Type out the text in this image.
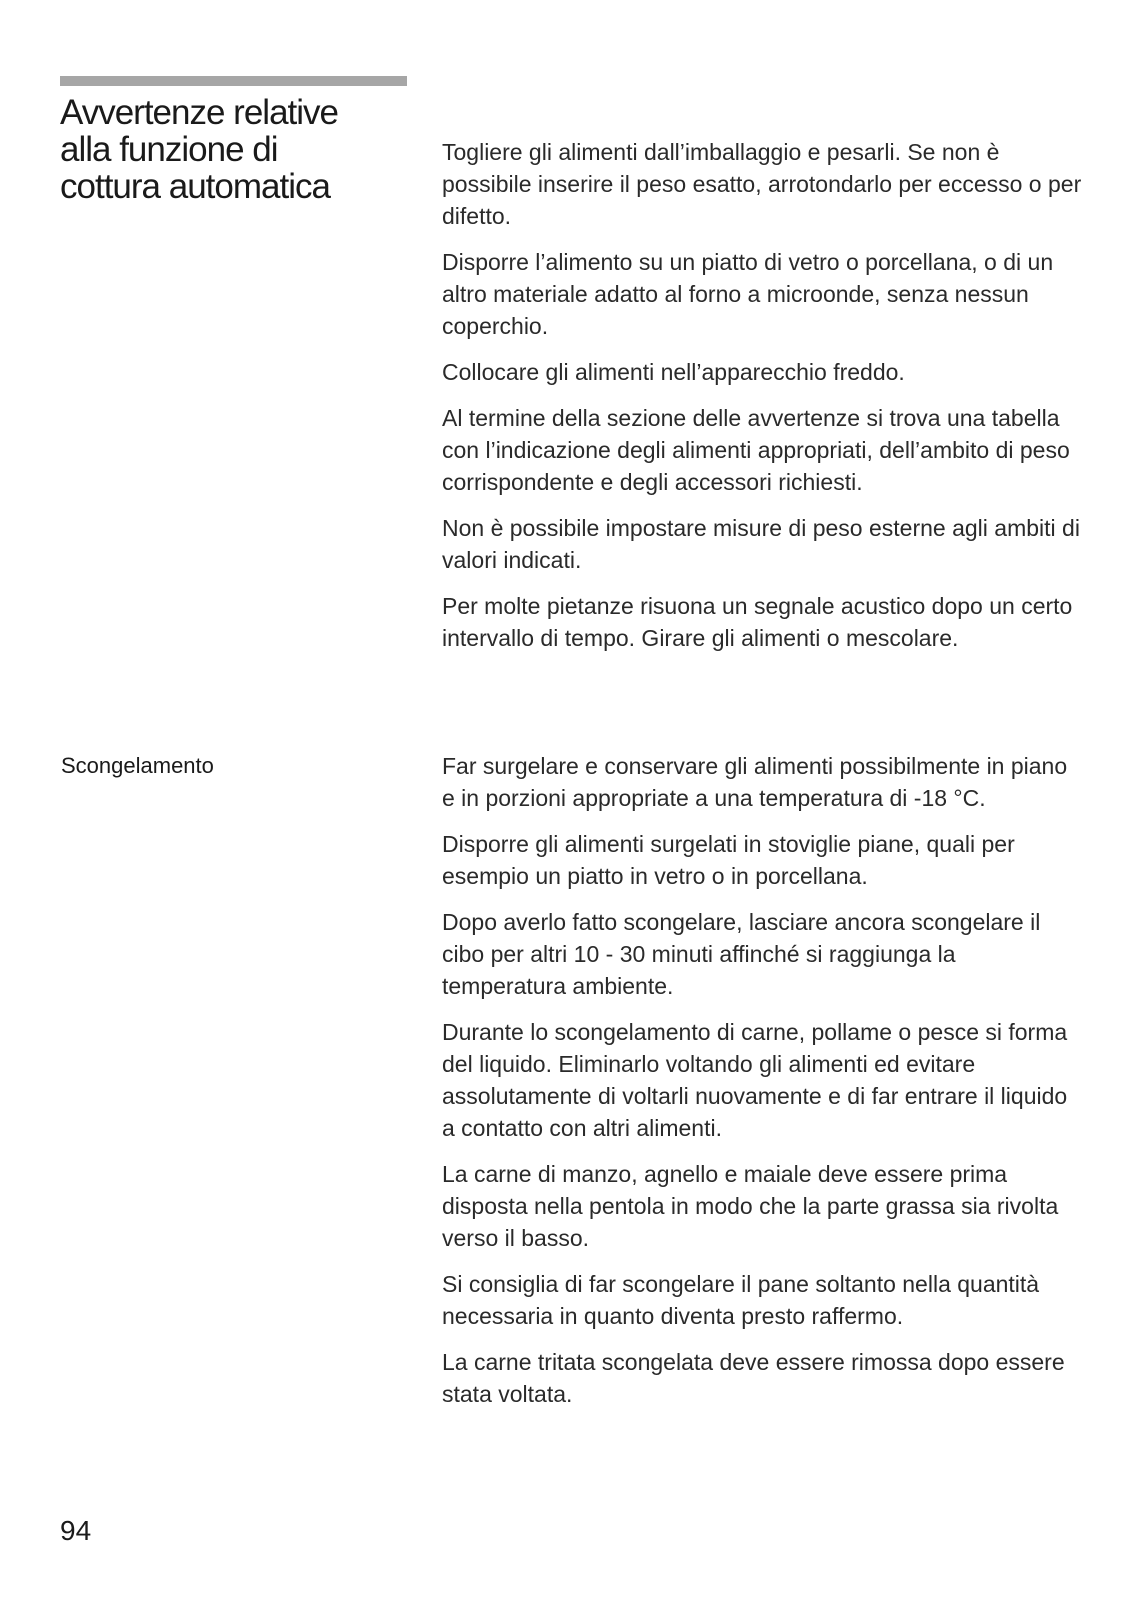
Avvertenze relative
alla funzione di
cottura automatica

Togliere gli alimenti dall’imballaggio e pesarli. Se non è possibile inserire il peso esatto, arrotondarlo per eccesso o per difetto.

Disporre l’alimento su un piatto di vetro o porcellana, o di un altro materiale adatto al forno a microonde, senza nessun coperchio.

Collocare gli alimenti nell’apparecchio freddo.

Al termine della sezione delle avvertenze si trova una tabella con l’indicazione degli alimenti appropriati, dell’ambito di peso corrispondente e degli accessori richiesti.

Non è possibile impostare misure di peso esterne agli ambiti di valori indicati.

Per molte pietanze risuona un segnale acustico dopo un certo intervallo di tempo. Girare gli alimenti o mescolare.

Scongelamento	Far surgelare e conservare gli alimenti possibilmente in piano e in porzioni appropriate a una temperatura di -18 °C.

Disporre gli alimenti surgelati in stoviglie piane, quali per esempio un piatto in vetro o in porcellana.

Dopo averlo fatto scongelare, lasciare ancora scongelare il cibo per altri 10 - 30 minuti affinché si raggiunga la temperatura ambiente.

Durante lo scongelamento di carne, pollame o pesce si forma del liquido. Eliminarlo voltando gli alimenti ed evitare assolutamente di voltarli nuovamente e di far entrare il liquido a contatto con altri alimenti.

La carne di manzo, agnello e maiale deve essere prima disposta nella pentola in modo che la parte grassa sia rivolta verso il basso.

Si consiglia di far scongelare il pane soltanto nella quantità necessaria in quanto diventa presto raffermo.

La carne tritata scongelata deve essere rimossa dopo essere stata voltata.

94
